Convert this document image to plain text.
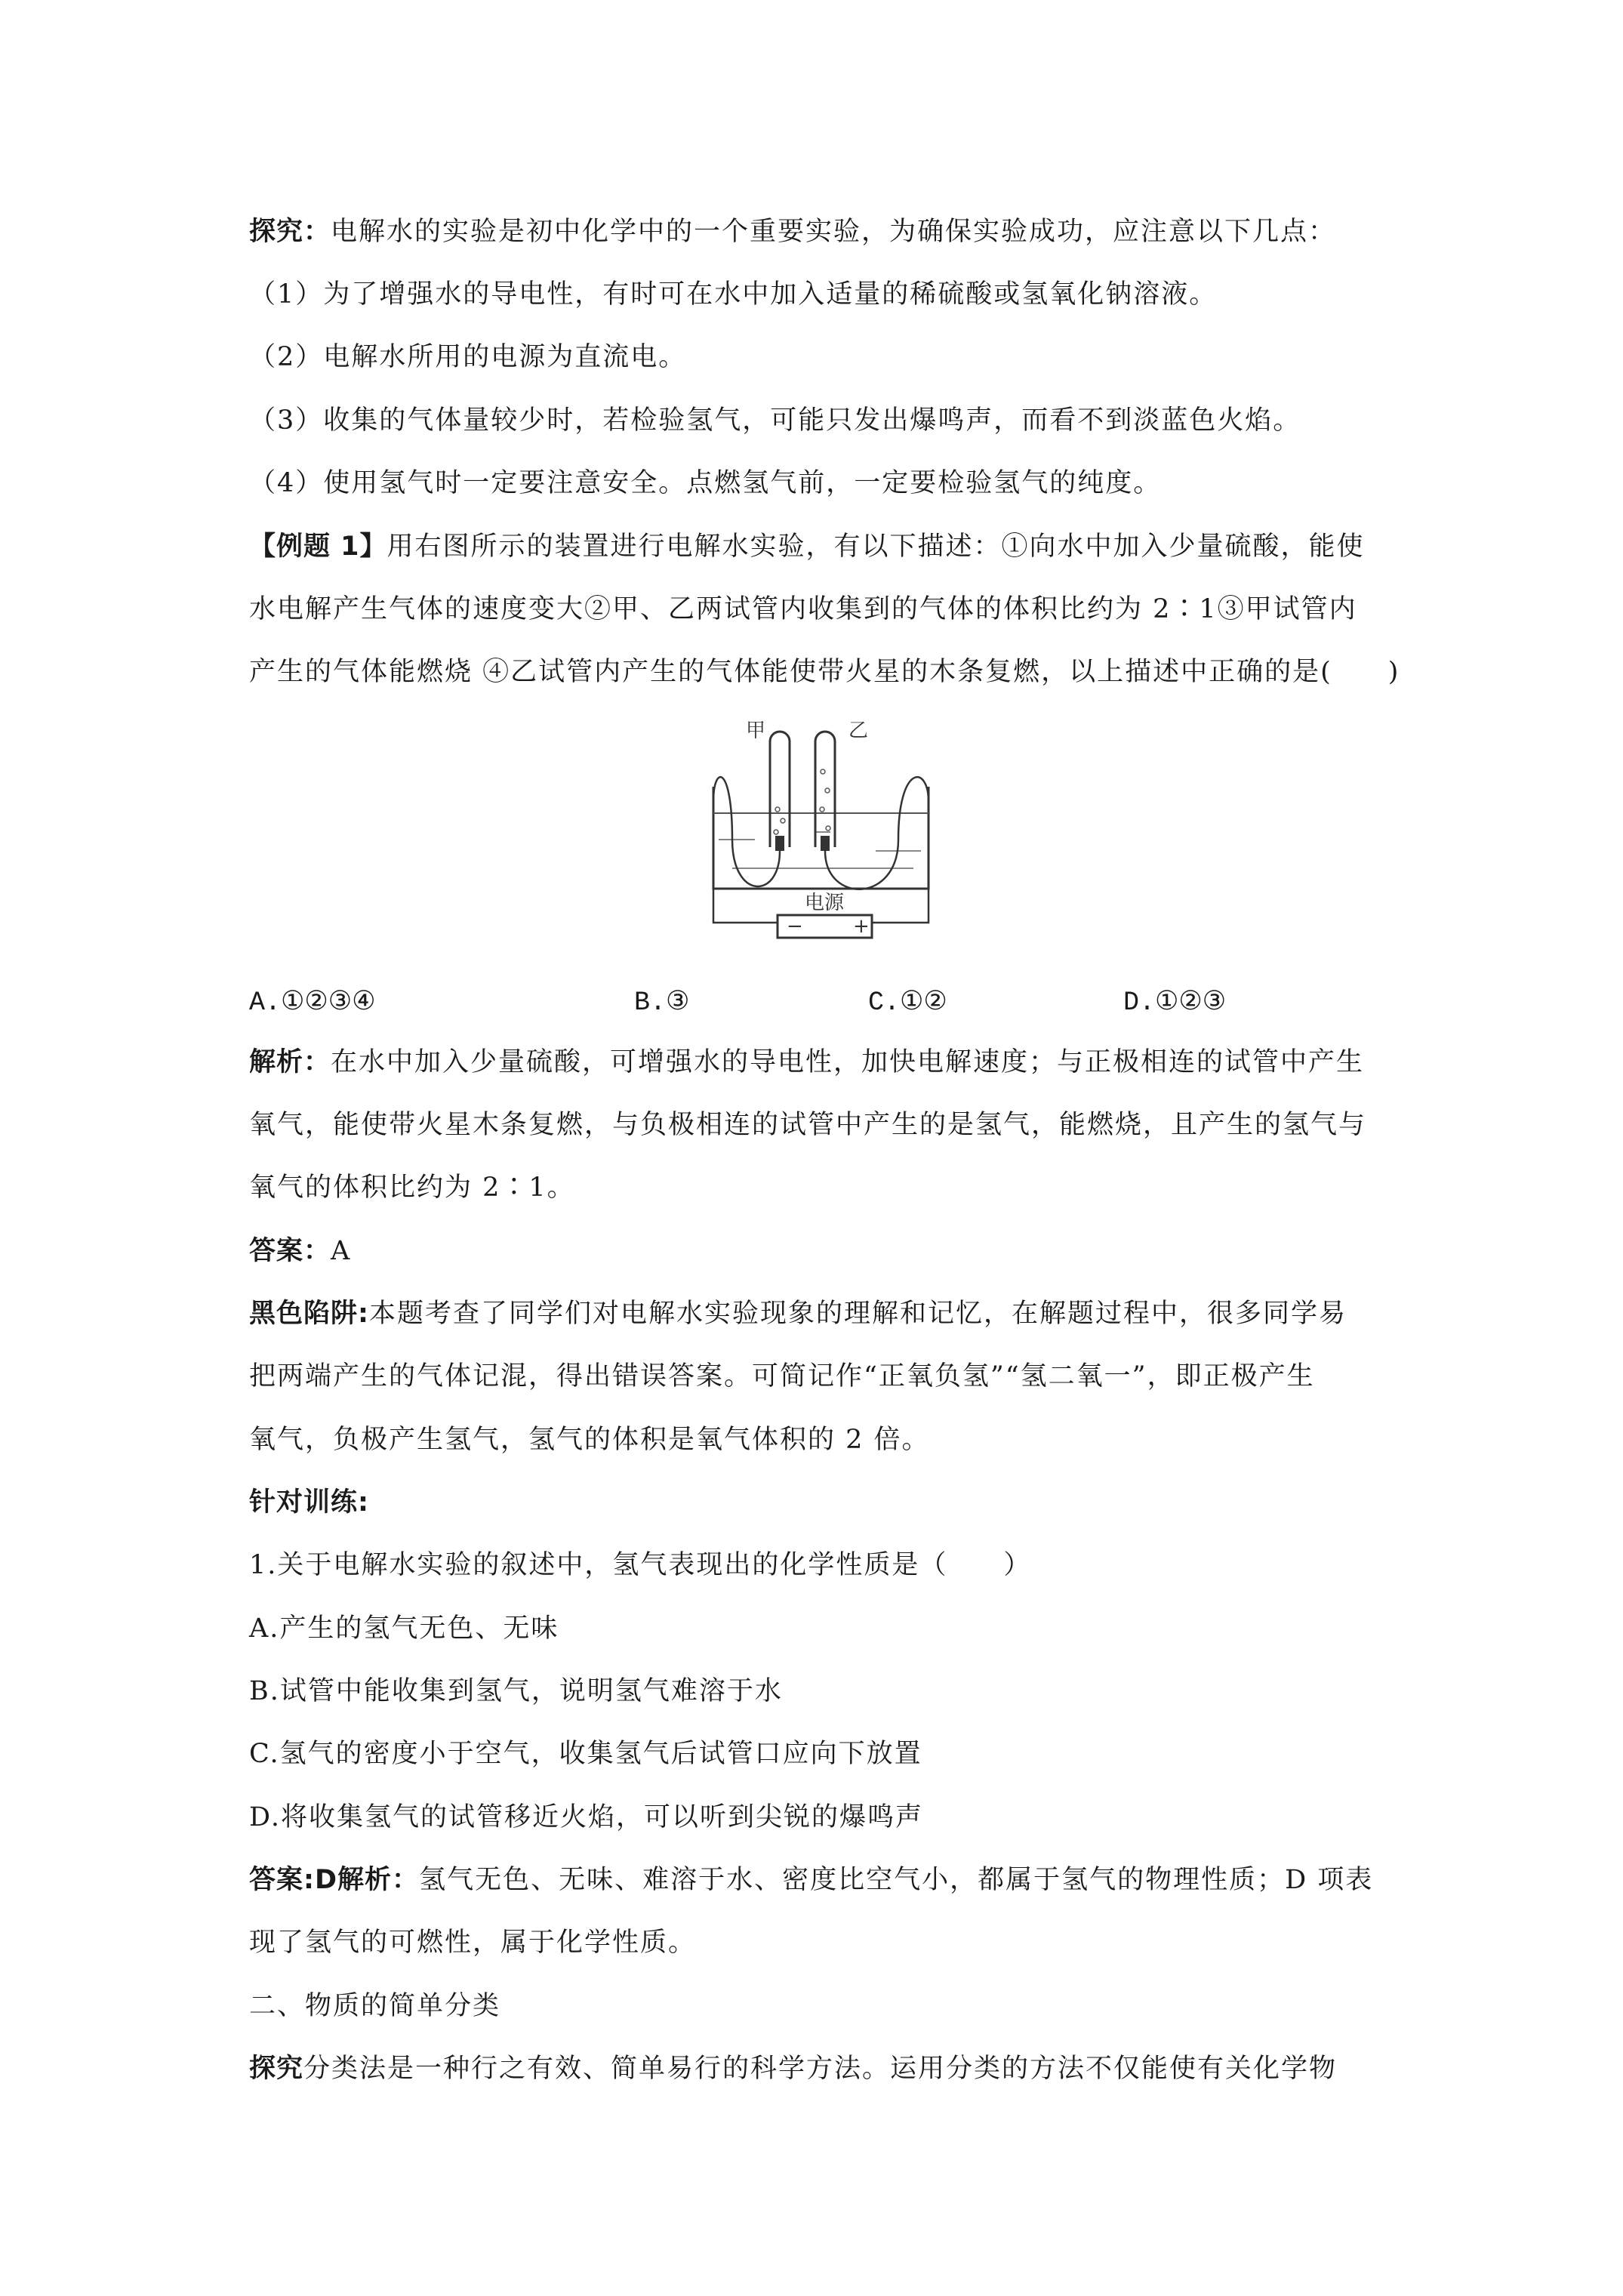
探究：电解水的实验是初中化学中的一个重要实验，为确保实验成功，应注意以下几点：
（1）为了增强水的导电性，有时可在水中加入适量的稀硫酸或氢氧化钠溶液。
（2）电解水所用的电源为直流电。
（3）收集的气体量较少时，若检验氢气，可能只发出爆鸣声，而看不到淡蓝色火焰。
（4）使用氢气时一定要注意安全。点燃氢气前，一定要检验氢气的纯度。
【例题 1】用右图所示的装置进行电解水实验，有以下描述：①向水中加入少量硫酸，能使
水电解产生气体的速度变大②甲、乙两试管内收集到的气体的体积比约为 2∶1③甲试管内
产生的气体能燃烧 ④乙试管内产生的气体能使带火星的木条复燃，以上描述中正确的是(　　)
甲	乙
电源
−	+
A.①②③④	B.③	C.①②	D.①②③
解析：在水中加入少量硫酸，可增强水的导电性，加快电解速度；与正极相连的试管中产生
氧气，能使带火星木条复燃，与负极相连的试管中产生的是氢气，能燃烧，且产生的氢气与
氧气的体积比约为 2∶1。
答案：A
黑色陷阱:本题考查了同学们对电解水实验现象的理解和记忆，在解题过程中，很多同学易
把两端产生的气体记混，得出错误答案。可简记作“正氧负氢”“氢二氧一”，即正极产生
氧气，负极产生氢气，氢气的体积是氧气体积的 2 倍。
针对训练:
1.关于电解水实验的叙述中，氢气表现出的化学性质是（　　）
A.产生的氢气无色、无味
B.试管中能收集到氢气，说明氢气难溶于水
C.氢气的密度小于空气，收集氢气后试管口应向下放置
D.将收集氢气的试管移近火焰，可以听到尖锐的爆鸣声
答案:D解析：氢气无色、无味、难溶于水、密度比空气小，都属于氢气的物理性质；D 项表
现了氢气的可燃性，属于化学性质。
二、物质的简单分类
探究分类法是一种行之有效、简单易行的科学方法。运用分类的方法不仅能使有关化学物
